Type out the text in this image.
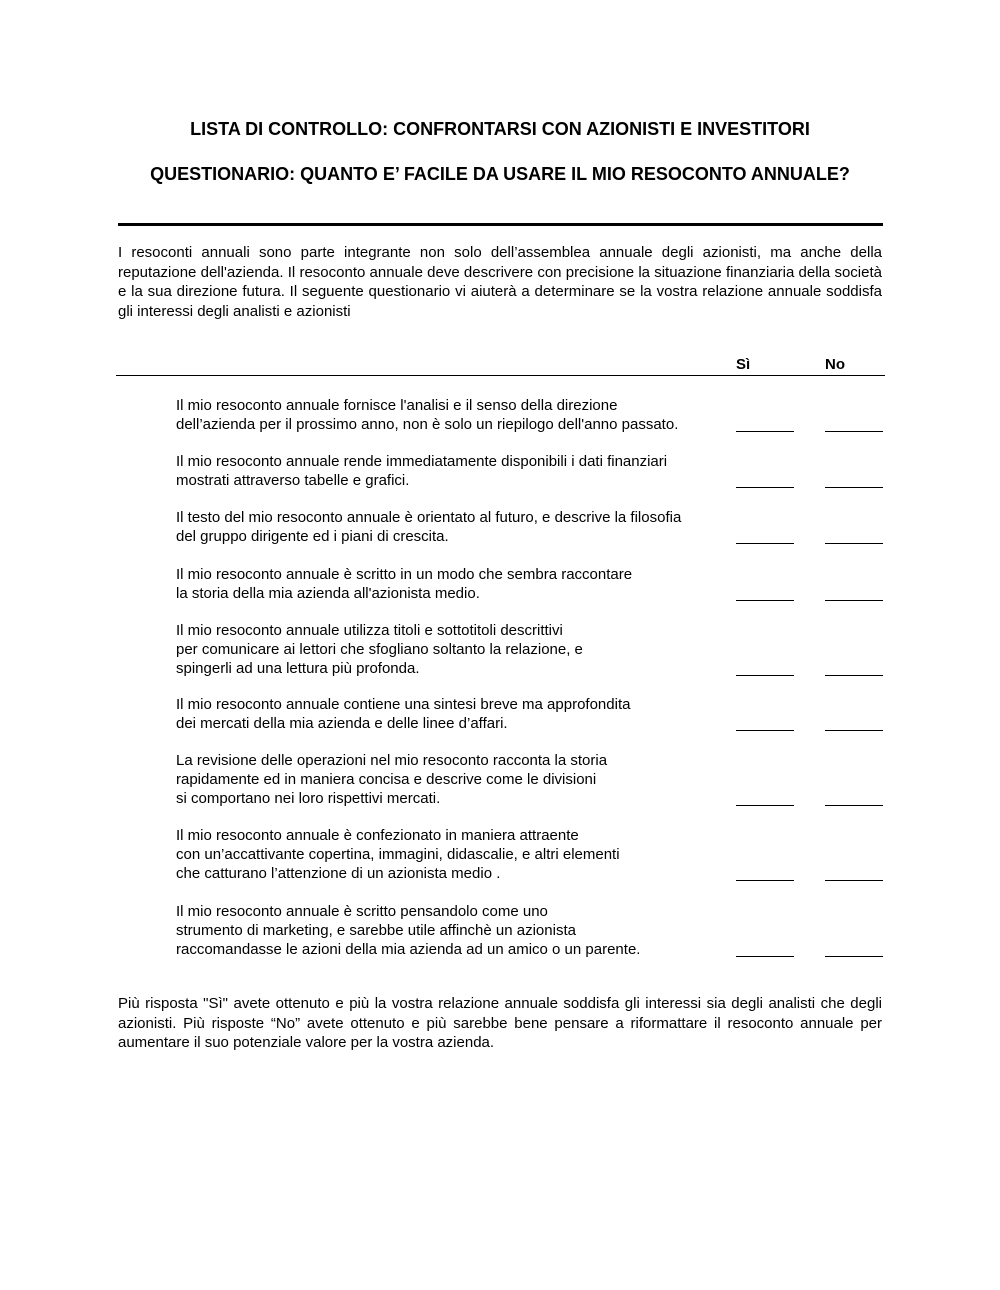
LISTA DI CONTROLLO: CONFRONTARSI CON AZIONISTI E INVESTITORI
QUESTIONARIO: QUANTO E’ FACILE DA USARE IL MIO RESOCONTO ANNUALE?

I resoconti annuali sono parte integrante non solo dell’assemblea annuale degli azionisti, ma anche della reputazione dell'azienda. Il resoconto annuale deve descrivere con precisione la situazione finanziaria della società e la sua direzione futura. Il seguente questionario vi aiuterà a determinare se la vostra relazione annuale soddisfa gli interessi degli analisti e azionisti

Sì	No

Il mio resoconto annuale fornisce l'analisi e il senso della direzione
dell’azienda per il prossimo anno, non è solo un riepilogo dell'anno passato.

Il mio resoconto annuale rende immediatamente disponibili i dati finanziari
mostrati attraverso tabelle e grafici.

Il testo del mio resoconto annuale è orientato al futuro, e descrive la filosofia
del gruppo dirigente ed i piani di crescita.

Il mio resoconto annuale è scritto in un modo che sembra raccontare
la storia della mia azienda all'azionista medio.

Il mio resoconto annuale utilizza titoli e sottotitoli descrittivi
per comunicare ai lettori che sfogliano soltanto la relazione, e
spingerli ad una lettura più profonda.

Il mio resoconto annuale contiene una sintesi breve ma approfondita
dei mercati della mia azienda e delle linee d’affari.

La revisione delle operazioni nel mio resoconto racconta la storia
rapidamente ed in maniera concisa e descrive come le divisioni
si comportano nei loro rispettivi mercati.

Il mio resoconto annuale è confezionato in maniera attraente
con un’accattivante copertina, immagini, didascalie, e altri elementi
che catturano l’attenzione di un azionista medio .

Il mio resoconto annuale è scritto pensandolo come uno
strumento di marketing, e sarebbe utile affinchè un azionista
raccomandasse le azioni della mia azienda ad un amico o un parente.

Più risposta "Sì" avete ottenuto e più la vostra relazione annuale soddisfa gli interessi sia degli analisti che degli azionisti. Più risposte “No” avete ottenuto e più sarebbe bene pensare a riformattare il resoconto annuale per aumentare il suo potenziale valore per la vostra azienda.
